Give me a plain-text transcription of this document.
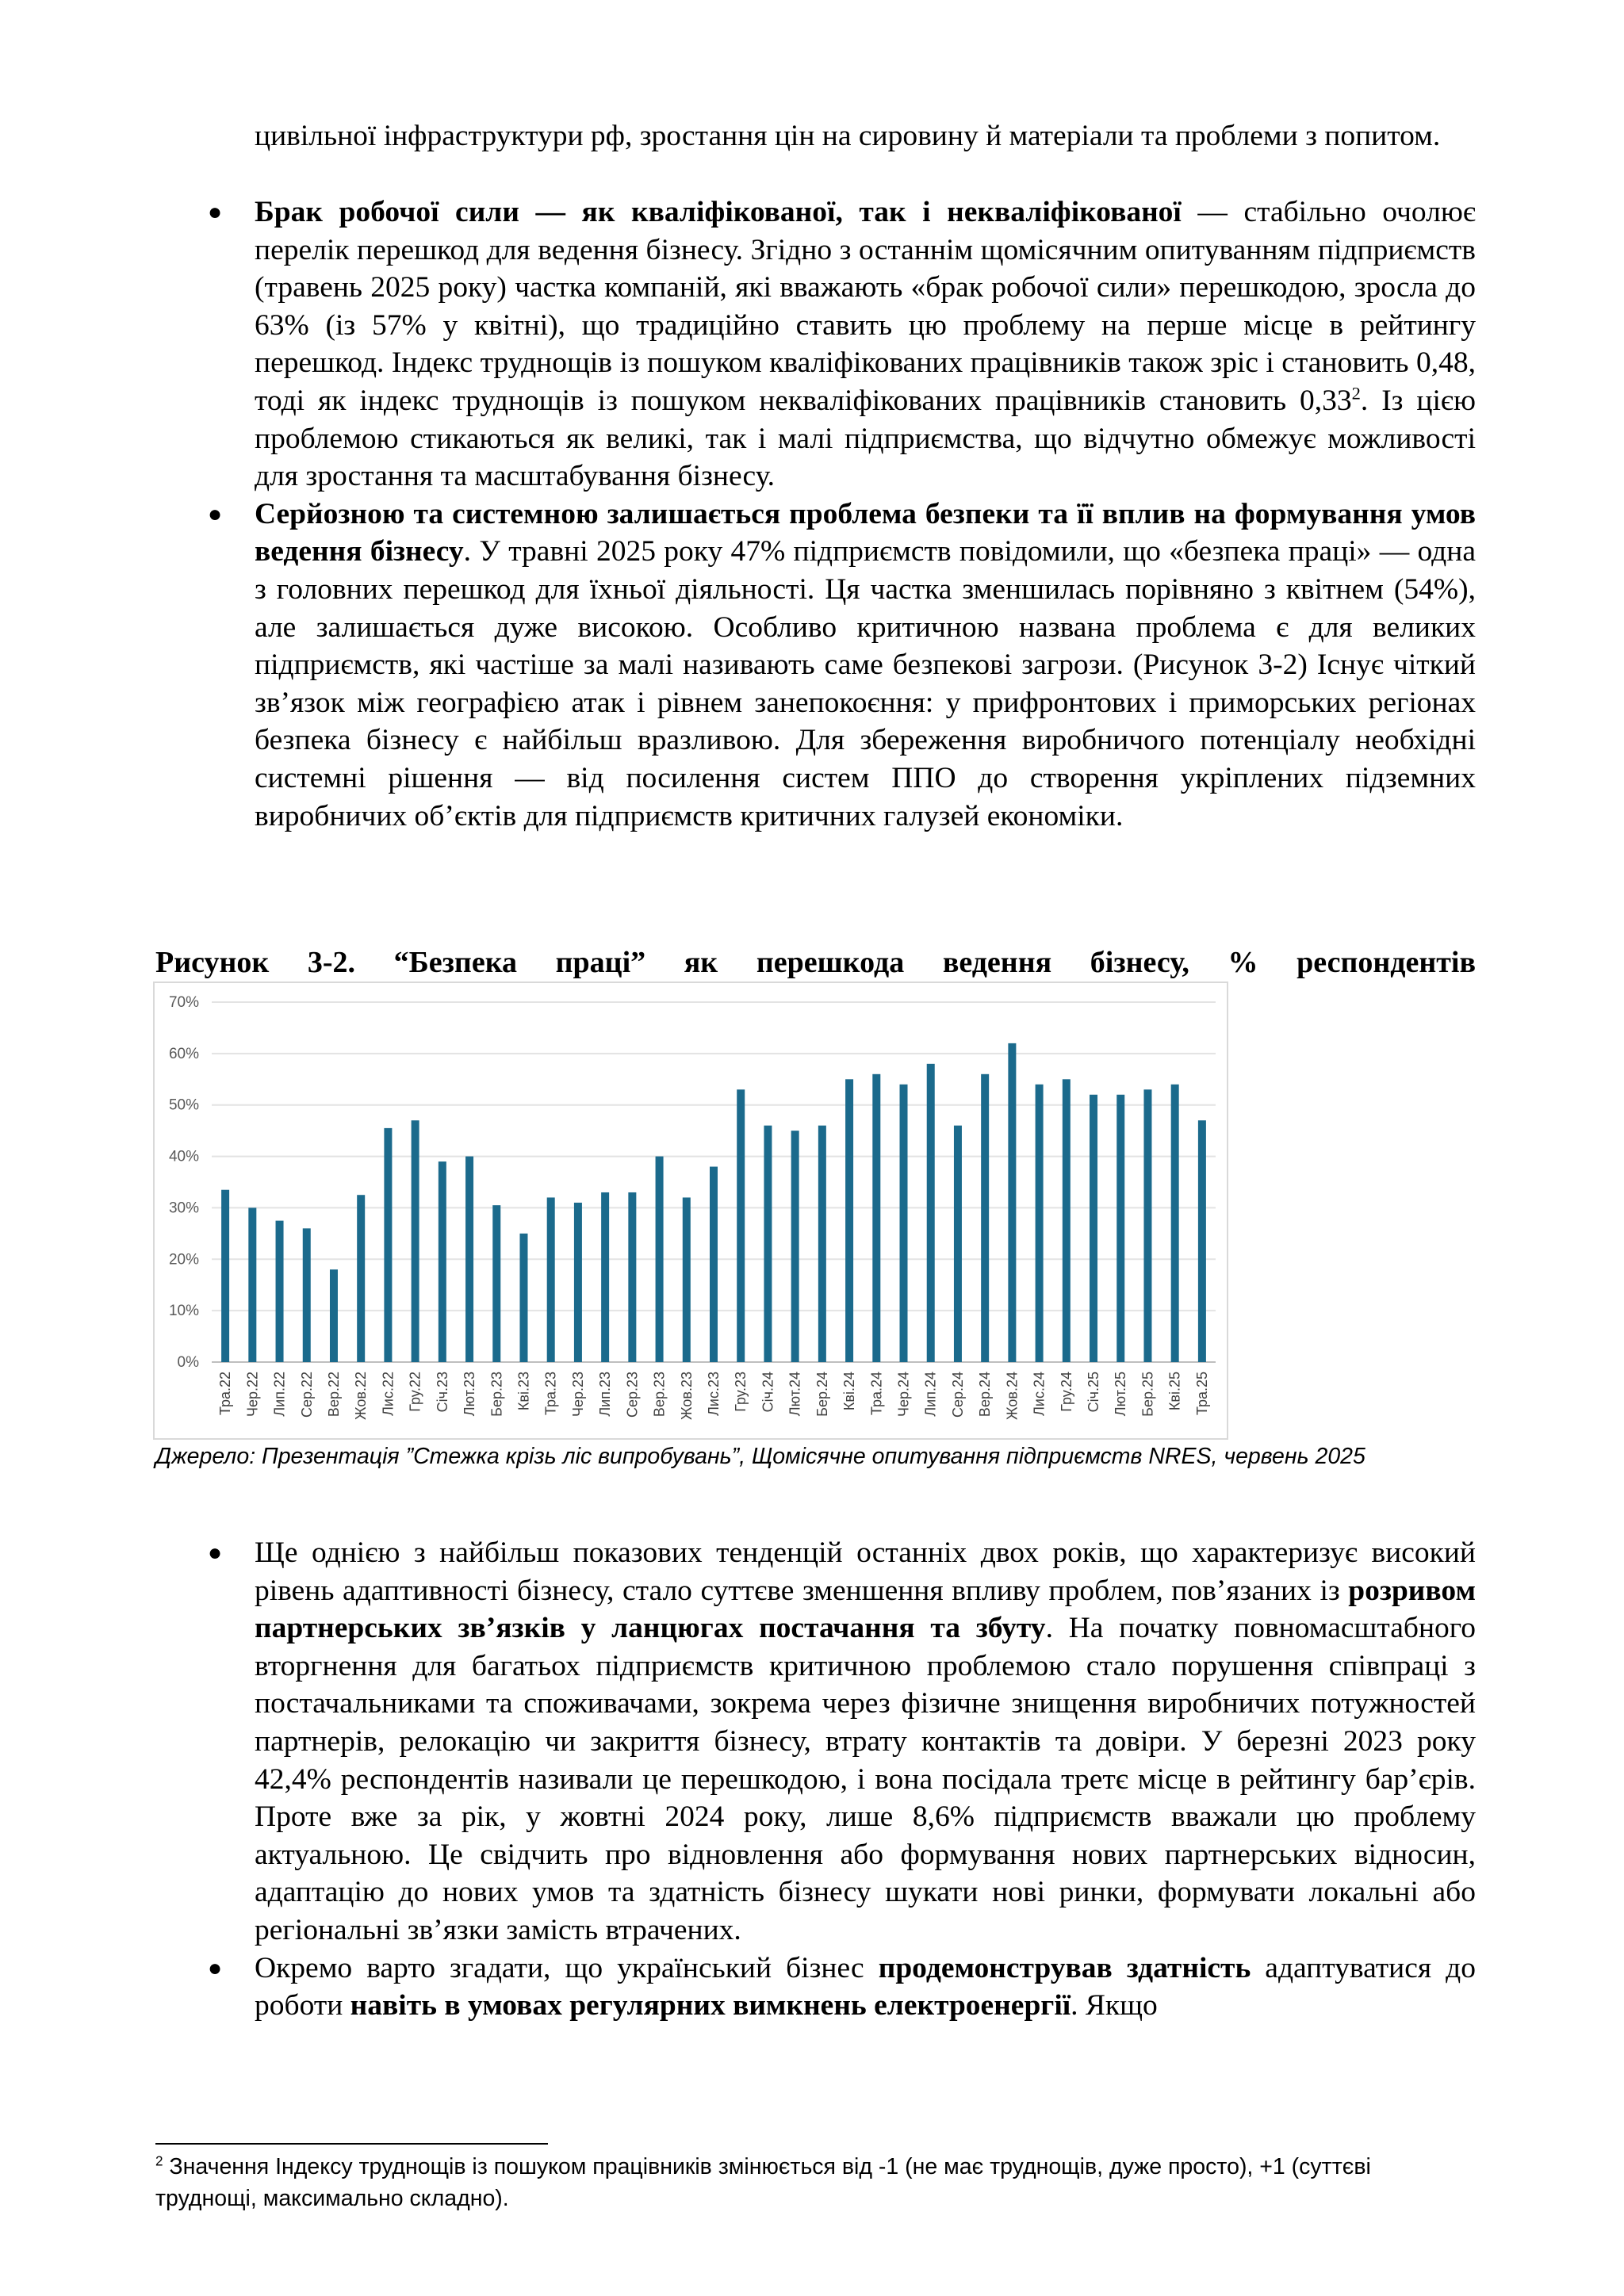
цивільної інфраструктури рф, зростання цін на сировину й матеріали та проблеми з попитом.

● Брак робочої сили — як кваліфікованої, так і некваліфікованої — стабільно очолює перелік перешкод для ведення бізнесу. Згідно з останнім щомісячним опитуванням підприємств (травень 2025 року) частка компаній, які вважають «брак робочої сили» перешкодою, зросла до 63% (із 57% у квітні), що традиційно ставить цю проблему на перше місце в рейтингу перешкод. Індекс труднощів із пошуком кваліфікованих працівників також зріс і становить 0,48, тоді як індекс труднощів із пошуком некваліфікованих працівників становить 0,33$^2$. Із цією проблемою стикаються як великі, так і малі підприємства, що відчутно обмежує можливості для зростання та масштабування бізнесу.
● Серйозною та системною залишається проблема безпеки та її вплив на формування умов ведення бізнесу. У травні 2025 року 47% підприємств повідомили, що «безпека праці» — одна з головних перешкод для їхньої діяльності. Ця частка зменшилась порівняно з квітнем (54%), але залишається дуже високою. Особливо критичною названа проблема є для великих підприємств, які частіше за малі називають саме безпекові загрози. (Рисунок 3-2) Існує чіткий зв’язок між географією атак і рівнем занепокоєння: у прифронтових і приморських регіонах безпека бізнесу є найбільш вразливою. Для збереження виробничого потенціалу необхідні системні рішення — від посилення систем ППО до створення укріплених підземних виробничих об’єктів для підприємств критичних галузей економіки.

Рисунок 3-2. “Безпека праці” як перешкода ведення бізнесу, % респондентів

0%
10%
20%
30%
40%
50%
60%
70%
Тра.22 Чер.22 Лип.22 Сер.22 Вер.22 Жов.22 Лис.22 Гру.22 Січ.23 Лют.23 Бер.23 Кві.23 Тра.23 Чер.23 Лип.23 Сер.23 Вер.23 Жов.23 Лис.23 Гру.23 Січ.24 Лют.24 Бер.24 Кві.24 Тра.24 Чер.24 Лип.24 Сер.24 Вер.24 Жов.24 Лис.24 Гру.24 Січ.25 Лют.25 Бер.25 Кві.25 Тра.25

Джерело: Презентація ”Стежка крізь ліс випробувань”, Щомісячне опитування підприємств NRES, червень 2025

● Ще однією з найбільш показових тенденцій останніх двох років, що характеризує високий рівень адаптивності бізнесу, стало суттєве зменшення впливу проблем, пов’язаних із розривом партнерських зв’язків у ланцюгах постачання та збуту. На початку повномасштабного вторгнення для багатьох підприємств критичною проблемою стало порушення співпраці з постачальниками та споживачами, зокрема через фізичне знищення виробничих потужностей партнерів, релокацію чи закриття бізнесу, втрату контактів та довіри. У березні 2023 року 42,4% респондентів називали це перешкодою, і вона посідала третє місце в рейтингу бар’єрів. Проте вже за рік, у жовтні 2024 року, лише 8,6% підприємств вважали цю проблему актуальною. Це свідчить про відновлення або формування нових партнерських відносин, адаптацію до нових умов та здатність бізнесу шукати нові ринки, формувати локальні або регіональні зв’язки замість втрачених.
● Окремо варто згадати, що український бізнес продемонстрував здатність адаптуватися до роботи навіть в умовах регулярних вимкнень електроенергії. Якщо

$^2$ Значення Індексу труднощів із пошуком працівників змінюється від -1 (не має труднощів, дуже просто), +1 (суттєві труднощі, максимально складно).
